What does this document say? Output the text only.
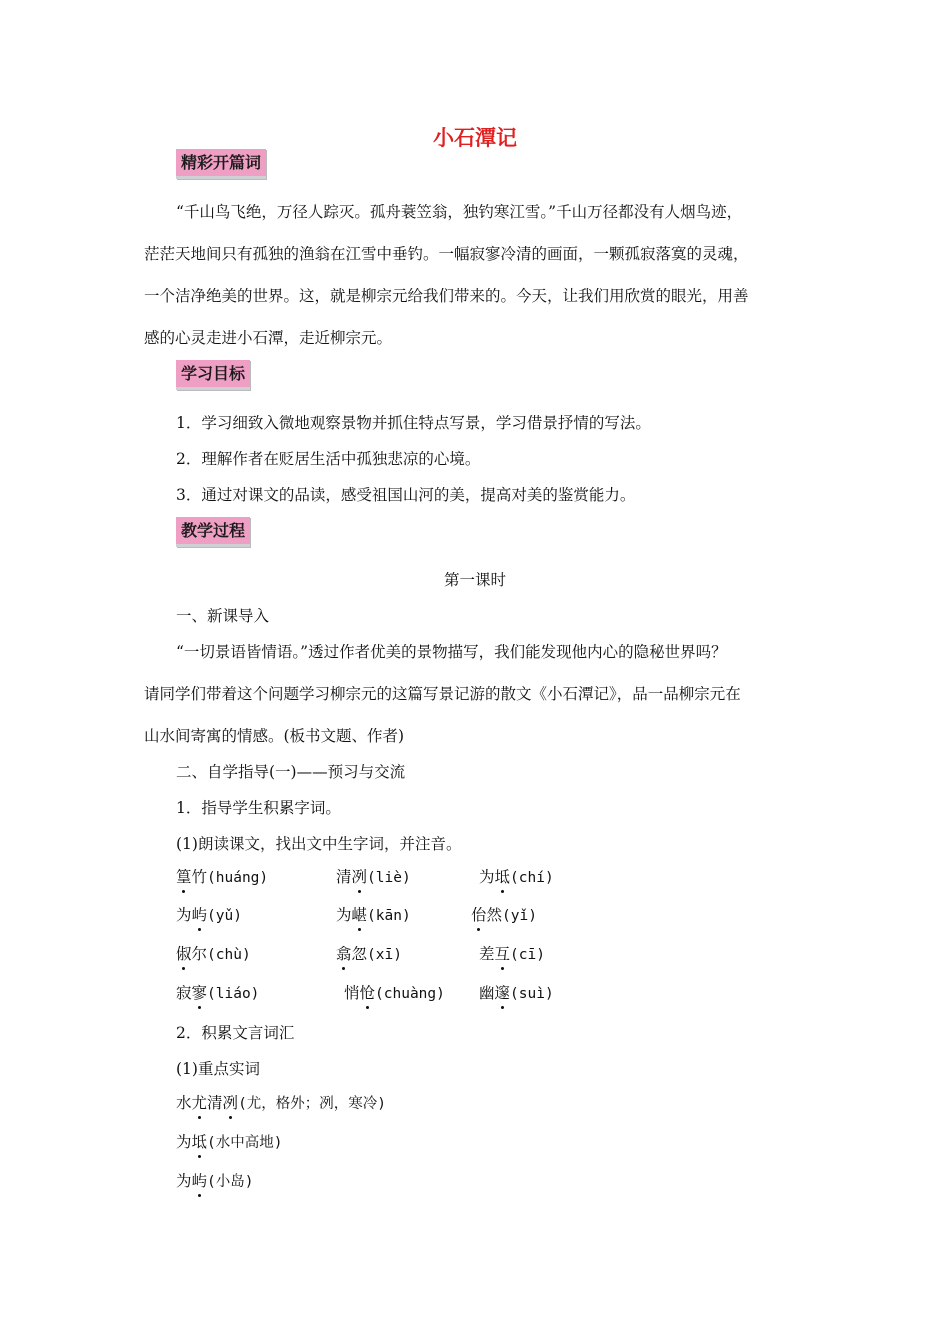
小石潭记
精彩开篇词
“千山鸟飞绝，万径人踪灭。孤舟蓑笠翁，独钓寒江雪。”千山万径都没有人烟鸟迹，
茫茫天地间只有孤独的渔翁在江雪中垂钓。一幅寂寥冷清的画面，一颗孤寂落寞的灵魂，
一个洁净绝美的世界。这，就是柳宗元给我们带来的。今天，让我们用欣赏的眼光，用善
感的心灵走进小石潭，走近柳宗元。
学习目标
1．学习细致入微地观察景物并抓住特点写景，学习借景抒情的写法。
2．理解作者在贬居生活中孤独悲凉的心境。
3．通过对课文的品读，感受祖国山河的美，提高对美的鉴赏能力。
教学过程
第一课时
一、新课导入
“一切景语皆情语。”透过作者优美的景物描写，我们能发现他内心的隐秘世界吗？
请同学们带着这个问题学习柳宗元的这篇写景记游的散文《小石潭记》，品一品柳宗元在
山水间寄寓的情感。(板书文题、作者)
二、自学指导(一)——预习与交流
1．指导学生积累字词。
(1)朗读课文，找出文中生字词，并注音。
篁竹(huáng)	清冽(liè)	为坻(chí)
为屿(yǔ)	为嵁(kān)	佁然(yǐ)
俶尔(chù)	翕忽(xī)	差互(cī)
寂寥(liáo)	悄怆(chuàng) 幽邃(suì)
2．积累文言词汇
(1)重点实词
水尤清冽(尤，格外；冽，寒冷)
为坻(水中高地)
为屿(小岛)
